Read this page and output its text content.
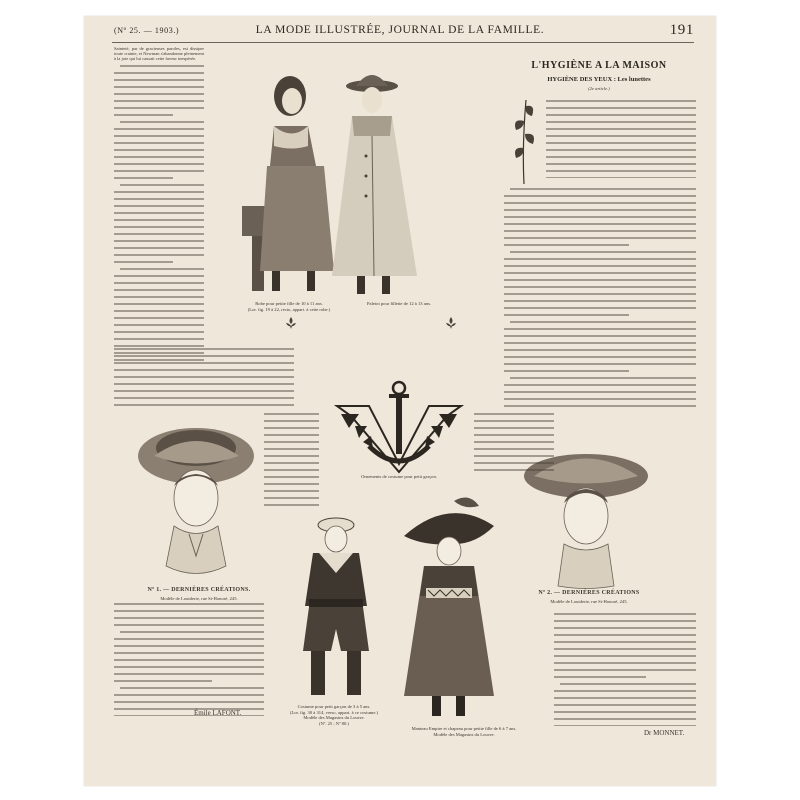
(Nº 25. — 1903.)	LA MODE ILLUSTRÉE, JOURNAL DE LA FAMILLE.	191
Sainteté, par de gracieuses paroles, est dissiper toute crainte, et Newman s'abandonne pleinement à la joie qui lui causait cette faveur inespérée.
Émile LAFONT.
Robe pour petite fille de 10 à 11 ans.
(Lor. fig. 19 à 22, recto, appart. à cette robe.)
Paletot pour fillette de 12 à 13 ans.
Ornements de costume pour petit garçon.
Nº 1. — DERNIÈRES CRÉATIONS.
Modèle de Louiderie, rue St-Honoré, 245.
Nº 2. — DERNIÈRES CRÉATIONS
Modèle de Louiderie, rue St-Honoré, 245.
Costume pour petit garçon de 3 à 5 ans.
(Lor. fig. 30 à 314, verso, appart. à ce costume.)
Modèle des Magasins du Louvre.
(Nº. 25 ; Nº 80.)
Manteau Empire et chapeau pour petite fille de 6 à 7 ans.
Modèle des Magasins du Louvre.
L'HYGIÈNE A LA MAISON
HYGIÈNE DES YEUX : Les lunettes
(2e article.)
Dr MONNET.
